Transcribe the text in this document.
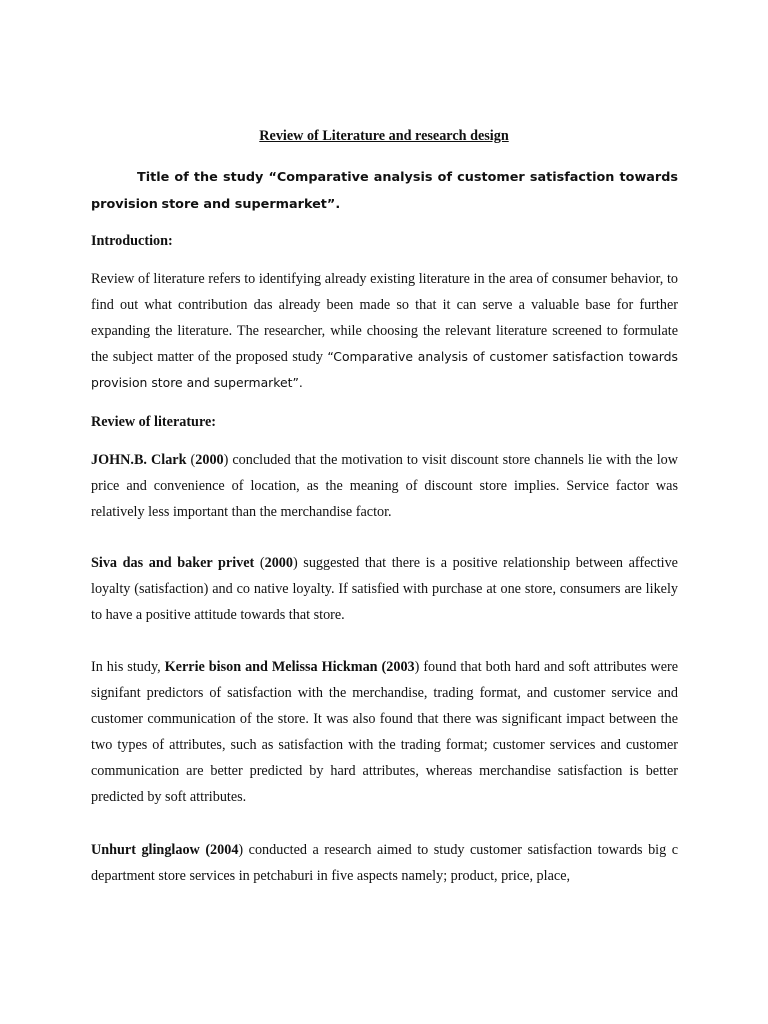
Review of Literature and research design

Title of the study “Comparative analysis of customer satisfaction towards provision store and supermarket”.

Introduction:

Review of literature refers to identifying already existing literature in the area of consumer behavior, to find out what contribution das already been made so that it can serve a valuable base for further expanding the literature. The researcher, while choosing the relevant literature screened to formulate the subject matter of the proposed study “Comparative analysis of customer satisfaction towards provision store and supermarket”.

Review of literature:

JOHN.B. Clark (2000) concluded that the motivation to visit discount store channels lie with the low price and convenience of location, as the meaning of discount store implies. Service factor was relatively less important than the merchandise factor.

Siva das and baker privet (2000) suggested that there is a positive relationship between affective loyalty (satisfaction) and co native loyalty. If satisfied with purchase at one store, consumers are likely to have a positive attitude towards that store.

In his study, Kerrie bison and Melissa Hickman (2003) found that both hard and soft attributes were signifant predictors of satisfaction with the merchandise, trading format, and customer service and customer communication of the store. It was also found that there was significant impact between the two types of attributes, such as satisfaction with the trading format; customer services and customer communication are better predicted by hard attributes, whereas merchandise satisfaction is better predicted by soft attributes.

Unhurt glinglaow (2004) conducted a research aimed to study customer satisfaction towards big c department store services in petchaburi in five aspects namely; product, price, place,
